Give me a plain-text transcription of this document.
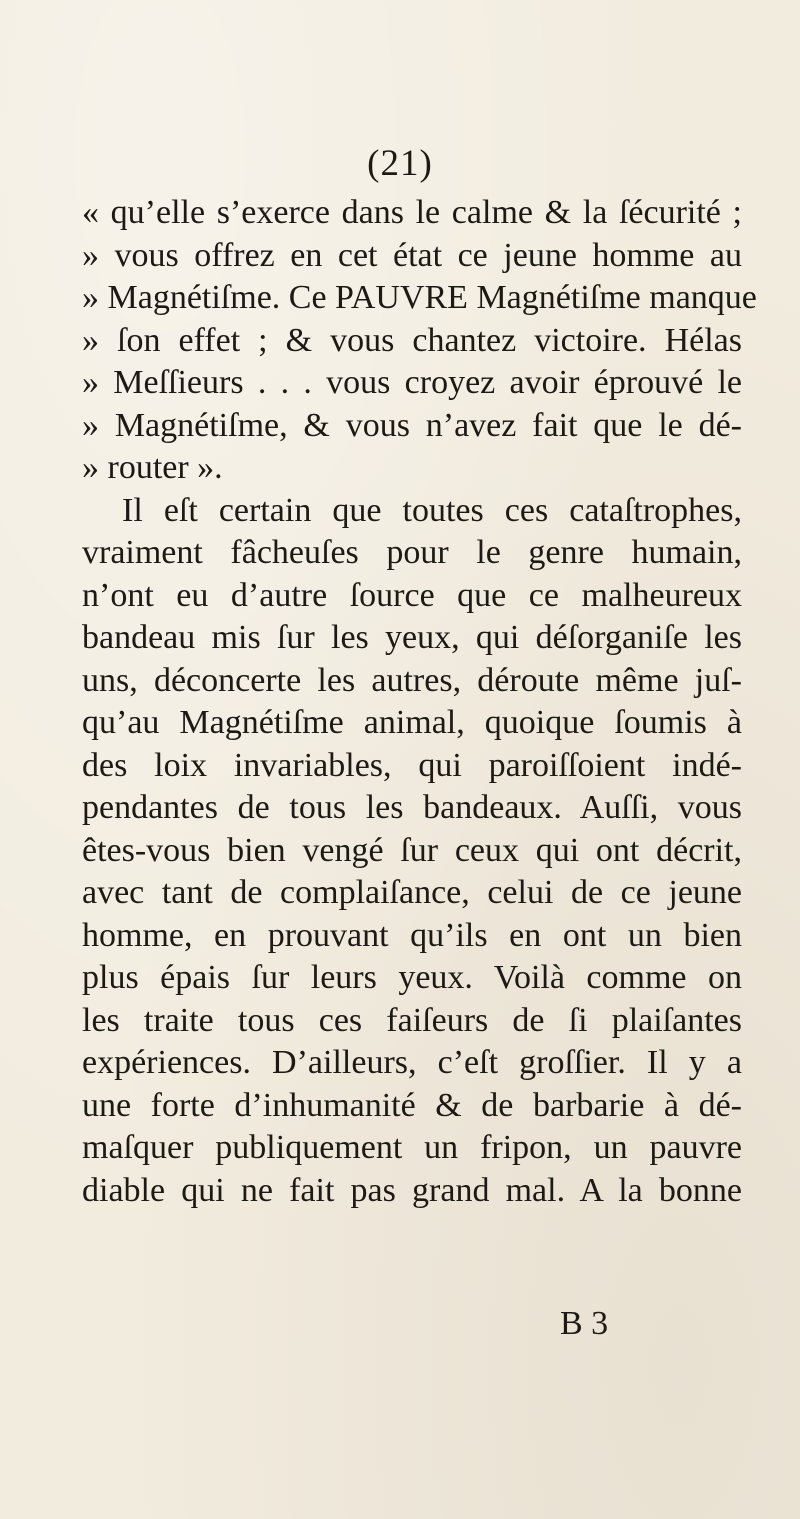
(21)
« qu’elle s’exerce dans le calme & la ſécurité ;
» vous offrez en cet état ce jeune homme au
» Magnétiſme. Ce PAUVRE Magnétiſme manque
» ſon effet ; & vous chantez victoire. Hélas
» Meſſieurs . . . vous croyez avoir éprouvé le
» Magnétiſme, & vous n’avez fait que le dé-
» router ».
Il eſt certain que toutes ces cataſtrophes,
vraiment fâcheuſes pour le genre humain,
n’ont eu d’autre ſource que ce malheureux
bandeau mis ſur les yeux, qui déſorganiſe les
uns, déconcerte les autres, déroute même juſ-
qu’au Magnétiſme animal, quoique ſoumis à
des loix invariables, qui paroiſſoient indé-
pendantes de tous les bandeaux. Auſſi, vous
êtes-vous bien vengé ſur ceux qui ont décrit,
avec tant de complaiſance, celui de ce jeune
homme, en prouvant qu’ils en ont un bien
plus épais ſur leurs yeux. Voilà comme on
les traite tous ces faiſeurs de ſi plaiſantes
expériences. D’ailleurs, c’eſt groſſier. Il y a
une forte d’inhumanité & de barbarie à dé-
maſquer publiquement un fripon, un pauvre
diable qui ne fait pas grand mal. A la bonne
B 3
